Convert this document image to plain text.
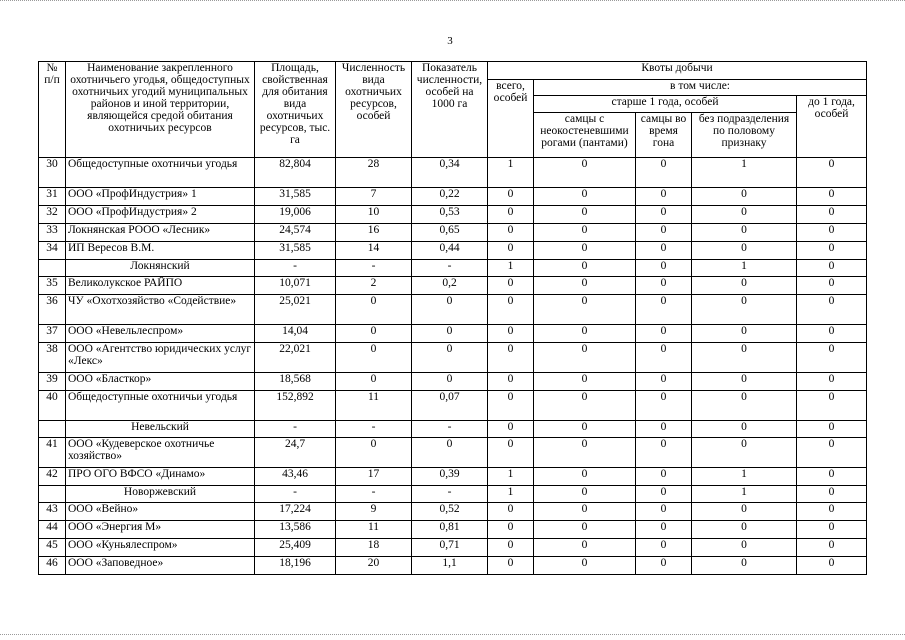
3
№ п/п	Наименование закрепленного охотничьего угодья, общедоступных охотничьих угодий муниципальных районов и иной территории, являющейся средой обитания охотничьих ресурсов	Площадь, свойственная для обитания вида охотничьих ресурсов, тыс. га	Численность вида охотничьих ресурсов, особей	Показатель численности, особей на 1000 га	Квоты добычи				
					всего, особей	в том числе:			
						старше 1 года, особей			до 1 года, особей
						самцы с неокостеневшими рогами (пантами)	самцы во время гона	без подразделения по половому признаку	
30	Общедоступные охотничьи угодья	82,804	28	0,34	1	0	0	1	0
31	ООО «ПрофИндустрия» 1	31,585	7	0,22	0	0	0	0	0
32	ООО «ПрофИндустрия» 2	19,006	10	0,53	0	0	0	0	0
33	Локнянская РООО «Лесник»	24,574	16	0,65	0	0	0	0	0
34	ИП Вересов В.М.	31,585	14	0,44	0	0	0	0	0
	Локнянский	-	-	-	1	0	0	1	0
35	Великолукское РАЙПО	10,071	2	0,2	0	0	0	0	0
36	ЧУ «Охотхозяйство «Содействие»	25,021	0	0	0	0	0	0	0
37	ООО «Невельлеспром»	14,04	0	0	0	0	0	0	0
38	ООО «Агентство юридических услуг «Лекс»	22,021	0	0	0	0	0	0	0
39	ООО «Бласткор»	18,568	0	0	0	0	0	0	0
40	Общедоступные охотничьи угодья	152,892	11	0,07	0	0	0	0	0
	Невельский	-	-	-	0	0	0	0	0
41	ООО «Кудеверское охотничье хозяйство»	24,7	0	0	0	0	0	0	0
42	ПРО ОГО ВФСО «Динамо»	43,46	17	0,39	1	0	0	1	0
	Новоржевский	-	-	-	1	0	0	1	0
43	ООО «Вейно»	17,224	9	0,52	0	0	0	0	0
44	ООО «Энергия М»	13,586	11	0,81	0	0	0	0	0
45	ООО «Куньялеспром»	25,409	18	0,71	0	0	0	0	0
46	ООО «Заповедное»	18,196	20	1,1	0	0	0	0	0
